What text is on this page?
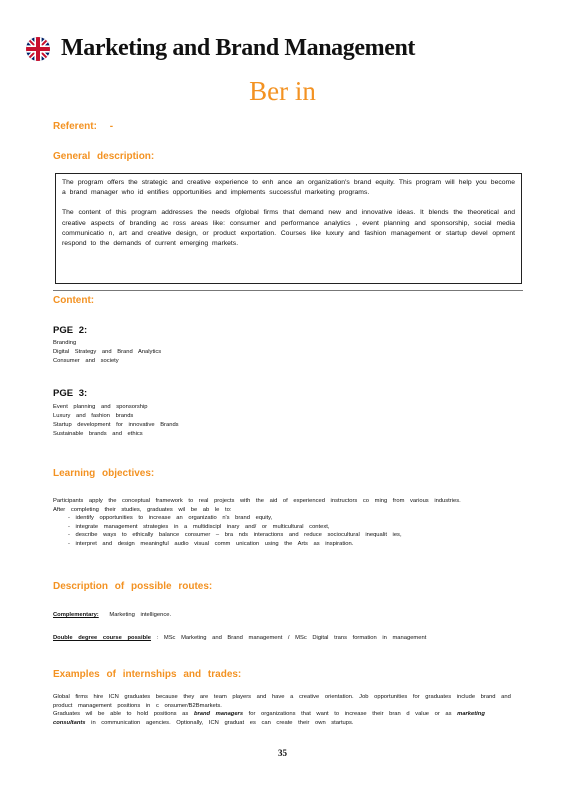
Marketing and Brand Management
Ber in
Referent: -
General description:

The program offers the strategic and creative experience to enh ance an organization's brand equity. This program will help you become a brand manager who id entifies opportunities and implements successful marketing programs.

The content of this program addresses the needs ofglobal firms that demand new and innovative ideas. It blends the theoretical and creative aspects of branding ac ross areas like: consumer and performance analytics , event planning and sponsorship, social media communicatio n, art and creative design, or product exportation. Courses like luxury and fashion management or startup devel opment respond to the demands of current emerging markets.

Content:
PGE 2:
Branding
Digital Strategy and Brand Analytics
Consumer and society
PGE 3:
Event planning and sponsorship
Luxury and fashion brands
Startup development for innovative Brands
Sustainable brands and ethics
Learning objectives:
Participants apply the conceptual framework to real projects with the aid of experienced instructors co ming from various industries.
After completing their studies, graduates wil be ab le to:
- identify opportunities to increase an organizatio n's brand equity,
- integrate management strategies in a multidiscipl inary and/ or multicultural context,
- describe ways to ethically balance consumer – bra nds interactions and reduce sociocultural inequalit ies,
- interpret and design meaningful audio visual comm unication using the Arts as inspiration.
Description of possible routes:
Complementary: Marketing intelligence.
Double degree course possible : MSc Marketing and Brand management / MSc Digital trans formation in management
Examples of internships and trades:
Global firms hire ICN graduates because they are team players and have a creative orientation. Job opportunities for graduates include brand and product management positions in c onsumer/B2Bmarkets.
Graduates wil be able to hold positions as brand managers for organizations that want to increase their bran d value or as marketing consultants in communication agencies. Optionally, ICN graduat es can create their own startups.
35
